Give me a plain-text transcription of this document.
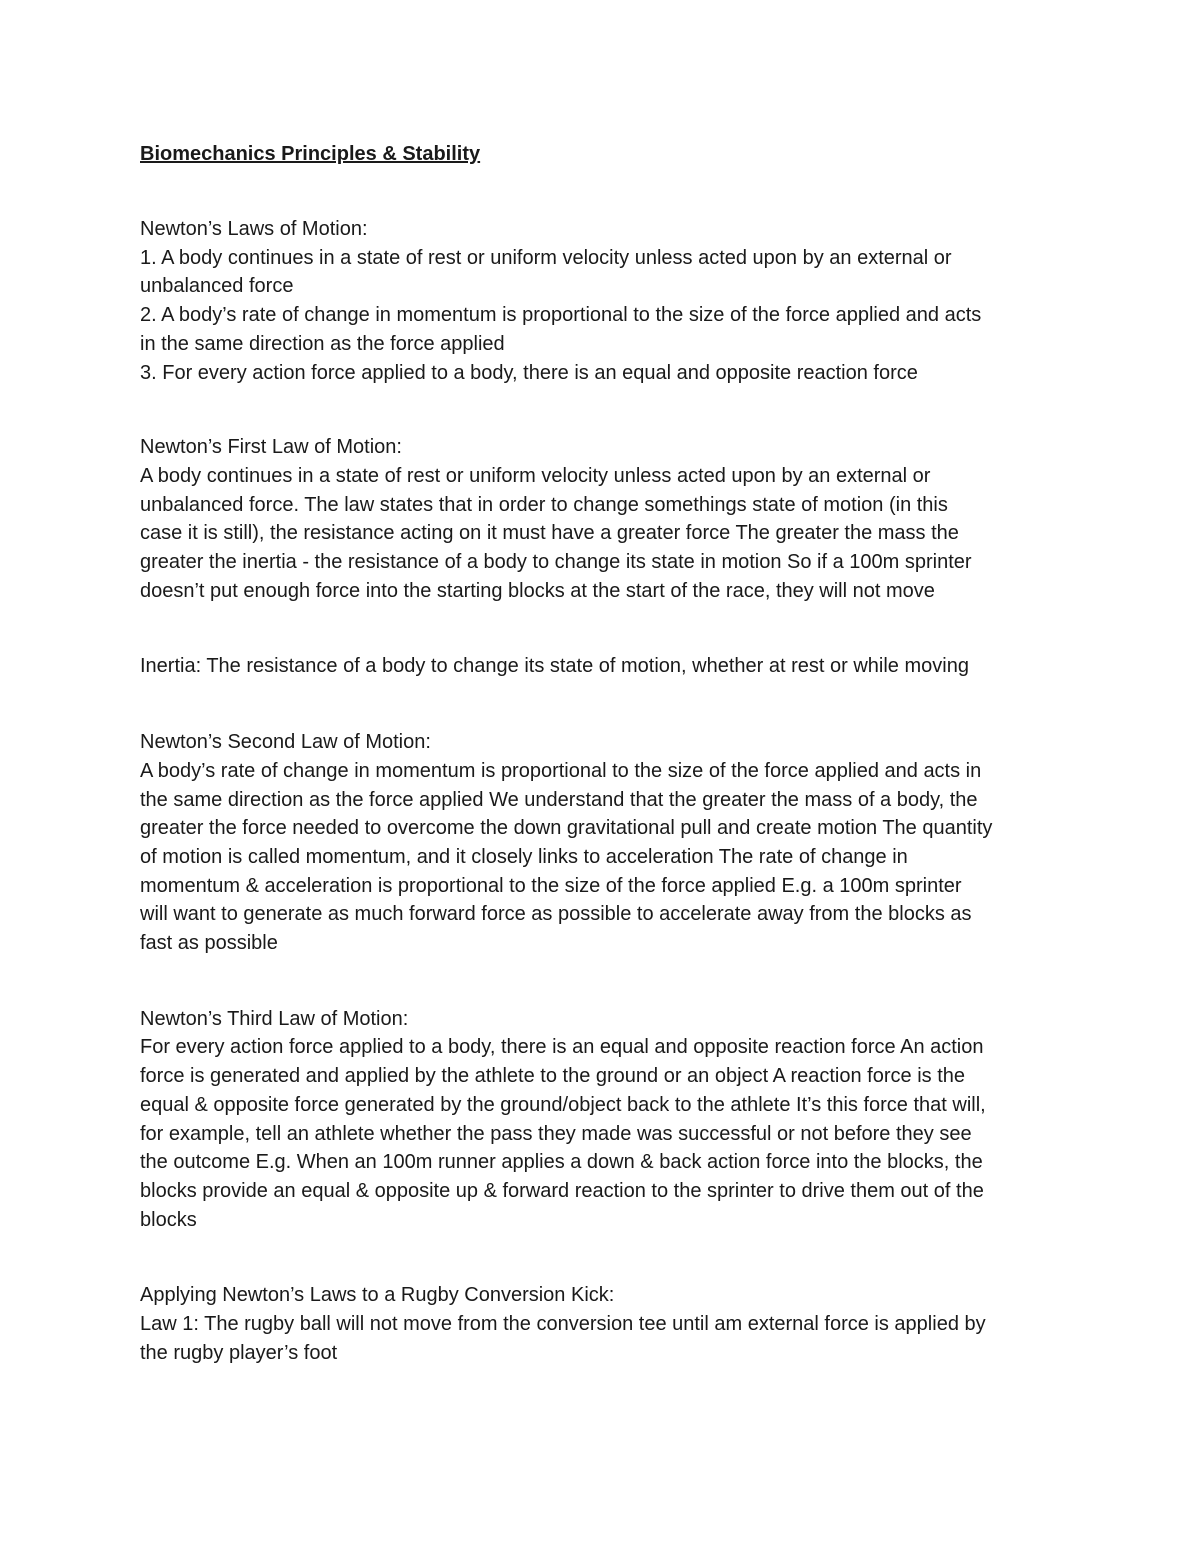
Biomechanics Principles & Stability

Newton’s Laws of Motion:

1. A body continues in a state of rest or uniform velocity unless acted upon by an external or

unbalanced force

2. A body’s rate of change in momentum is proportional to the size of the force applied and acts

in the same direction as the force applied

3. For every action force applied to a body, there is an equal and opposite reaction force

Newton’s First Law of Motion:

A body continues in a state of rest or uniform velocity unless acted upon by an external or

unbalanced force. The law states that in order to change somethings state of motion (in this

case it is still), the resistance acting on it must have a greater force The greater the mass the

greater the inertia - the resistance of a body to change its state in motion So if a 100m sprinter

doesn’t put enough force into the starting blocks at the start of the race, they will not move

Inertia: The resistance of a body to change its state of motion, whether at rest or while moving

Newton’s Second Law of Motion:

A body’s rate of change in momentum is proportional to the size of the force applied and acts in

the same direction as the force applied We understand that the greater the mass of a body, the

greater the force needed to overcome the down gravitational pull and create motion The quantity

of motion is called momentum, and it closely links to acceleration The rate of change in

momentum & acceleration is proportional to the size of the force applied E.g. a 100m sprinter

will want to generate as much forward force as possible to accelerate away from the blocks as

fast as possible

Newton’s Third Law of Motion:

For every action force applied to a body, there is an equal and opposite reaction force An action

force is generated and applied by the athlete to the ground or an object A reaction force is the

equal & opposite force generated by the ground/object back to the athlete It’s this force that will,

for example, tell an athlete whether the pass they made was successful or not before they see

the outcome E.g. When an 100m runner applies a down & back action force into the blocks, the

blocks provide an equal & opposite up & forward reaction to the sprinter to drive them out of the

blocks

Applying Newton’s Laws to a Rugby Conversion Kick:

Law 1: The rugby ball will not move from the conversion tee until am external force is applied by

the rugby player’s foot
